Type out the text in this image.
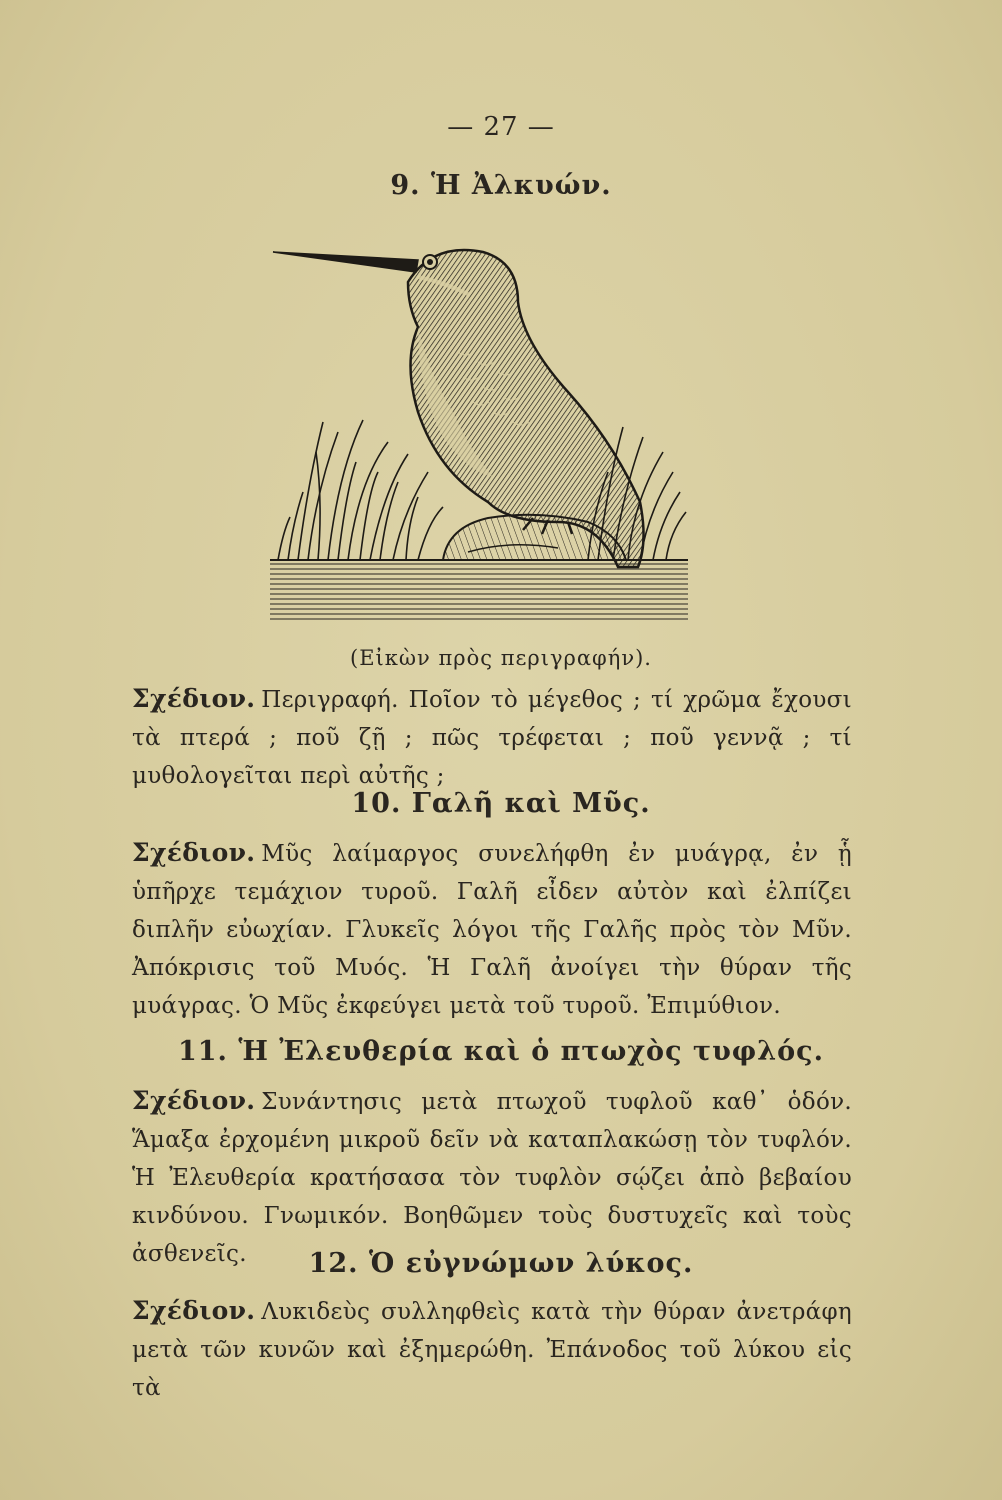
— 27 —
9. Ἡ Ἀλκυών.
(Εἰκὼν πρὸς περιγραφήν).
Σχέδιον. Περιγραφή. Ποῖον τὸ μέγεθος ; τί χρῶμα ἔχουσι τὰ πτερά ; ποῦ ζῇ ; πῶς τρέφεται ; ποῦ γεννᾷ ; τί μυθολογεῖται περὶ αὐτῆς ;
10. Γαλῆ καὶ Μῦς.
Σχέδιον. Μῦς λαίμαργος συνελήφθη ἐν μυάγρᾳ, ἐν ᾗ ὑπῆρχε τεμάχιον τυροῦ. Γαλῆ εἶδεν αὐτὸν καὶ ἐλπίζει διπλῆν εὐωχίαν. Γλυκεῖς λόγοι τῆς Γαλῆς πρὸς τὸν Μῦν. Ἀπόκρισις τοῦ Μυός. Ἡ Γαλῆ ἀνοίγει τὴν θύραν τῆς μυάγρας. Ὁ Μῦς ἐκφεύγει μετὰ τοῦ τυροῦ. Ἐπιμύθιον.
11. Ἡ Ἐλευθερία καὶ ὁ πτωχὸς τυφλός.
Σχέδιον. Συνάντησις μετὰ πτωχοῦ τυφλοῦ καθ᾽ ὁδόν. Ἅμαξα ἐρχομένη μικροῦ δεῖν νὰ καταπλακώσῃ τὸν τυφλόν. Ἡ Ἐλευθερία κρατήσασα τὸν τυφλὸν σῴζει ἀπὸ βεβαίου κινδύνου. Γνωμικόν. Βοηθῶμεν τοὺς δυστυχεῖς καὶ τοὺς ἀσθενεῖς.	12. Ὁ εὐγνώμων λύκος.
Σχέδιον. Λυκιδεὺς συλληφθεὶς κατὰ τὴν θύραν ἀνετράφη μετὰ τῶν κυνῶν καὶ ἐξημερώθη. Ἐπάνοδος τοῦ λύκου εἰς τὰ
